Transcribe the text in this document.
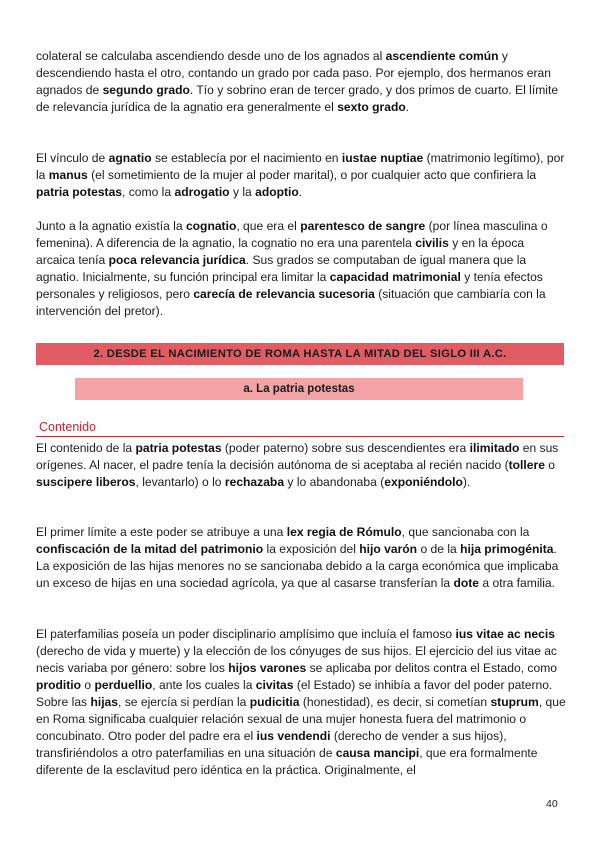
colateral se calculaba ascendiendo desde uno de los agnados al ascendiente común y descendiendo hasta el otro, contando un grado por cada paso. Por ejemplo, dos hermanos eran agnados de segundo grado. Tío y sobrino eran de tercer grado, y dos primos de cuarto. El límite de relevancia jurídica de la agnatio era generalmente el sexto grado.

El vínculo de agnatio se establecía por el nacimiento en iustae nuptiae (matrimonio legítimo), por la manus (el sometimiento de la mujer al poder marital), o por cualquier acto que confiriera la patria potestas, como la adrogatio y la adoptio.

Junto a la agnatio existía la cognatio, que era el parentesco de sangre (por línea masculina o femenina). A diferencia de la agnatio, la cognatio no era una parentela civilis y en la época arcaica tenía poca relevancia jurídica. Sus grados se computaban de igual manera que la agnatio. Inicialmente, su función principal era limitar la capacidad matrimonial y tenía efectos personales y religiosos, pero carecía de relevancia sucesoria (situación que cambiaría con la intervención del pretor).

2. DESDE EL NACIMIENTO DE ROMA HASTA LA MITAD DEL SIGLO III A.C.
a. La patria potestas
Contenido

El contenido de la patria potestas (poder paterno) sobre sus descendientes era ilimitado en sus orígenes. Al nacer, el padre tenía la decisión autónoma de si aceptaba al recién nacido (tollere o suscipere liberos, levantarlo) o lo rechazaba y lo abandonaba (exponiéndolo).

El primer límite a este poder se atribuye a una lex regia de Rómulo, que sancionaba con la confiscación de la mitad del patrimonio la exposición del hijo varón o de la hija primogénita. La exposición de las hijas menores no se sancionaba debido a la carga económica que implicaba un exceso de hijas en una sociedad agrícola, ya que al casarse transferían la dote a otra familia.

El paterfamilias poseía un poder disciplinario amplísimo que incluía el famoso ius vitae ac necis (derecho de vida y muerte) y la elección de los cónyuges de sus hijos. El ejercicio del ius vitae ac necis variaba por género: sobre los hijos varones se aplicaba por delitos contra el Estado, como proditio o perduellio, ante los cuales la civitas (el Estado) se inhibía a favor del poder paterno. Sobre las hijas, se ejercía si perdían la pudicitia (honestidad), es decir, si cometían stuprum, que en Roma significaba cualquier relación sexual de una mujer honesta fuera del matrimonio o concubinato. Otro poder del padre era el ius vendendi (derecho de vender a sus hijos), transfiriéndolos a otro paterfamilias en una situación de causa mancipi, que era formalmente diferente de la esclavitud pero idéntica en la práctica. Originalmente, el

40
